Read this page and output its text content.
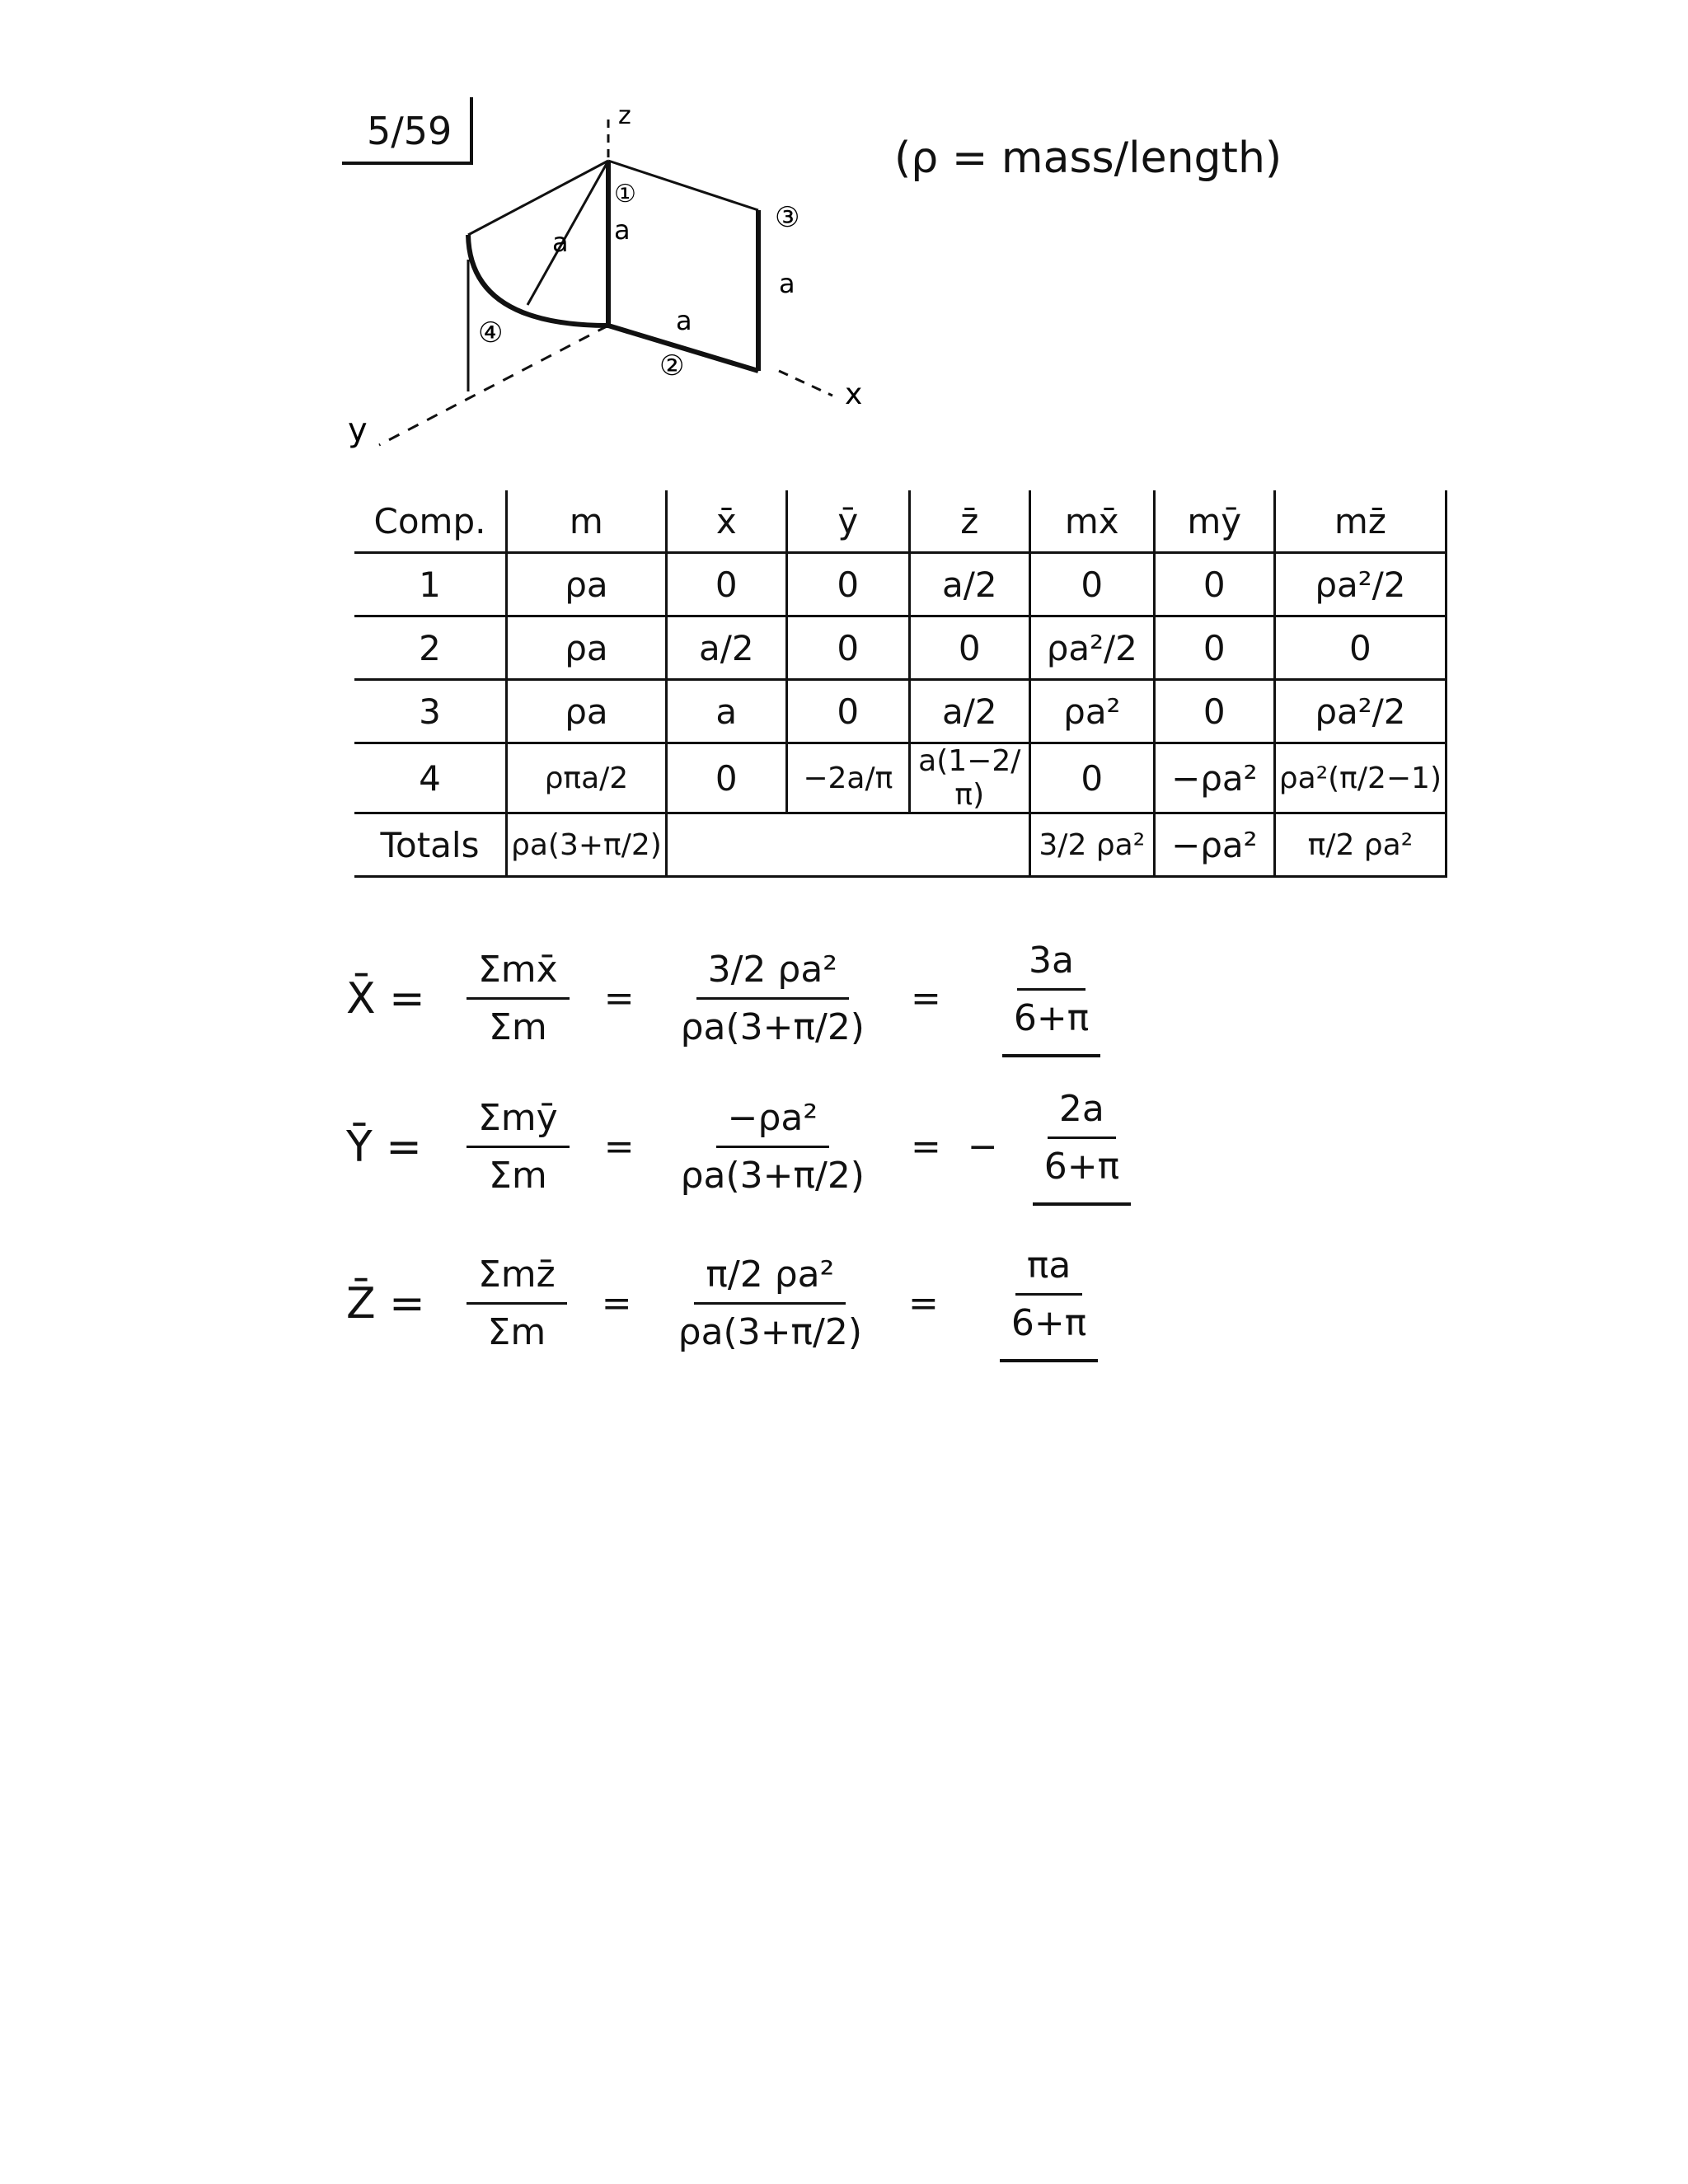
5/59
(ρ = mass/length)
z
x
y
①
②
③
④
a
a
a
a
Comp.	m	x̄	ȳ	z̄	mx̄	mȳ	mz̄
1	ρa	0	0	a/2	0	0	ρa²/2
2	ρa	a/2	0	0	ρa²/2	0	0
3	ρa	a	0	a/2	ρa²	0	ρa²/2
4	ρπa/2	0	−2a/π	a(1−2/π)	0	−ρa²	ρa²(π/2−1)
Totals	ρa(3+π/2)				3/2 ρa²	−ρa²	π/2 ρa²
X̄ =	$\frac{\text{Σmx̄}}{\Sigma m} = \frac{\text{3/2 ρa²}}{\rho a(3+\pi/2)} = \frac{3a}{6+\pi}$
Ȳ =	$\frac{\text{Σmȳ}}{\Sigma m} = \frac{\text{−ρa²}}{\rho a(3+\pi/2)}$ = − $\frac{2a}{6+\pi}$
Z̄ =	$\frac{\text{Σmz̄}}{\Sigma m} = \frac{\text{π/2 ρa²}}{\rho a(3+\pi/2)} = \frac{\pi a}{6+\pi}$
